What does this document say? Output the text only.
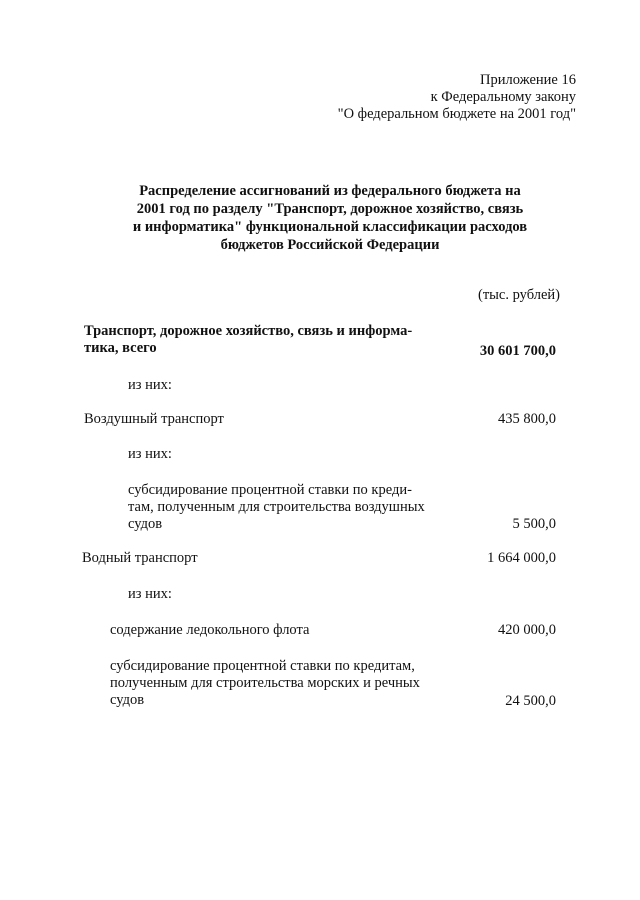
Приложение 16
к Федеральному закону
"О федеральном бюджете на 2001 год"
Распределение ассигнований из федерального бюджета на
2001 год по разделу "Транспорт, дорожное хозяйство, связь
и информатика" функциональной классификации расходов
бюджетов Российской Федерации
(тыс. рублей)
Транспорт, дорожное хозяйство, связь и информа-
тика, всего	30 601 700,0
из них:
Воздушный транспорт	435 800,0
из них:
субсидирование процентной ставки по креди-
там, полученным для строительства воздушных
судов	5 500,0
Водный транспорт	1 664 000,0
из них:
содержание ледокольного флота	420 000,0
субсидирование процентной ставки по кредитам,
полученным для строительства морских и речных
судов	24 500,0
